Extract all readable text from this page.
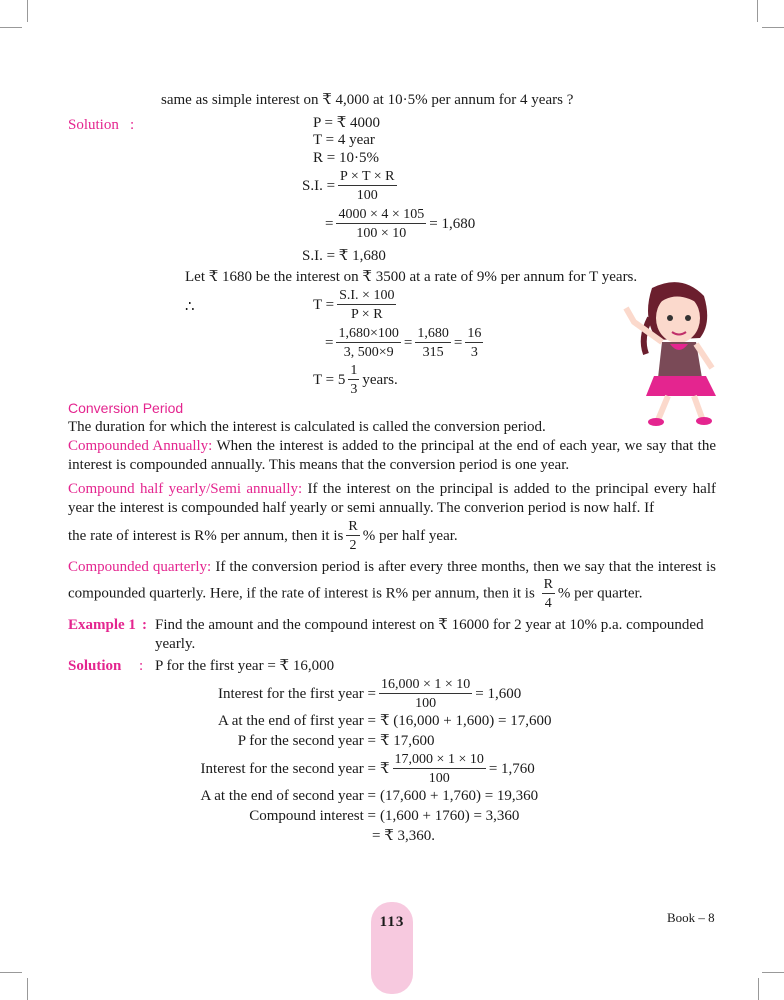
same as simple interest on ₹ 4,000 at 10·5% per annum for 4 years ?
Solution :	P = ₹ 4000
T = 4 year
R = 10·5%
S.I. = $\frac{P \times T \times R}{100}$
= $\frac{4000 \times 4 \times 105}{100 \times 10} = 1,680$
S.I. = ₹ 1,680
Let ₹ 1680 be the interest on ₹ 3500 at a rate of 9% per annum for T years.
∴	$T = \frac{S.I. \times 100}{P \times R}$
= $\frac{1,680\times 100}{3, 500\times 9} = \frac{1,680}{315} = \frac{16}{3}$
$T = 5 \frac{1}{3}$ years.
Conversion Period
The duration for which the interest is calculated is called the conversion period.
Compounded Annually: When the interest is added to the principal at the end of each year, we say that the interest is compounded annually. This means that the conversion period is one year.
Compound half yearly/Semi annually: If the interest on the principal is added to the principal every half year the interest is compounded half yearly or semi annually. The converion period is now half. If
the rate of interest is R% per annum, then it is $\frac{R}{2}$ % per half year.
Compounded quarterly: If the conversion period is after every three months, then we say that the interest is compounded quarterly. Here, if the rate of interest is R% per annum, then it is $\frac{R}{4}$ % per quarter.
Example 1 : Find the amount and the compound interest on ₹ 16000 for 2 year at 10% p.a. compounded
yearly.
Solution	: P for the first year = ₹ 16,000
Interest for the first year = $\frac{16,000 \times 1 \times 10}{100} = 1,600$
A at the end of first year = ₹ (16,000 + 1,600) = 17,600
P for the second year = ₹ 17,600
Interest for the second year = ₹ $\frac{17,000 \times 1 \times 10}{100} = 1,760$
A at the end of second year = (17,600 + 1,760) = 19,360
Compound interest = (1,600 + 1760) = 3,360
= ₹ 3,360.
113	Book – 8
